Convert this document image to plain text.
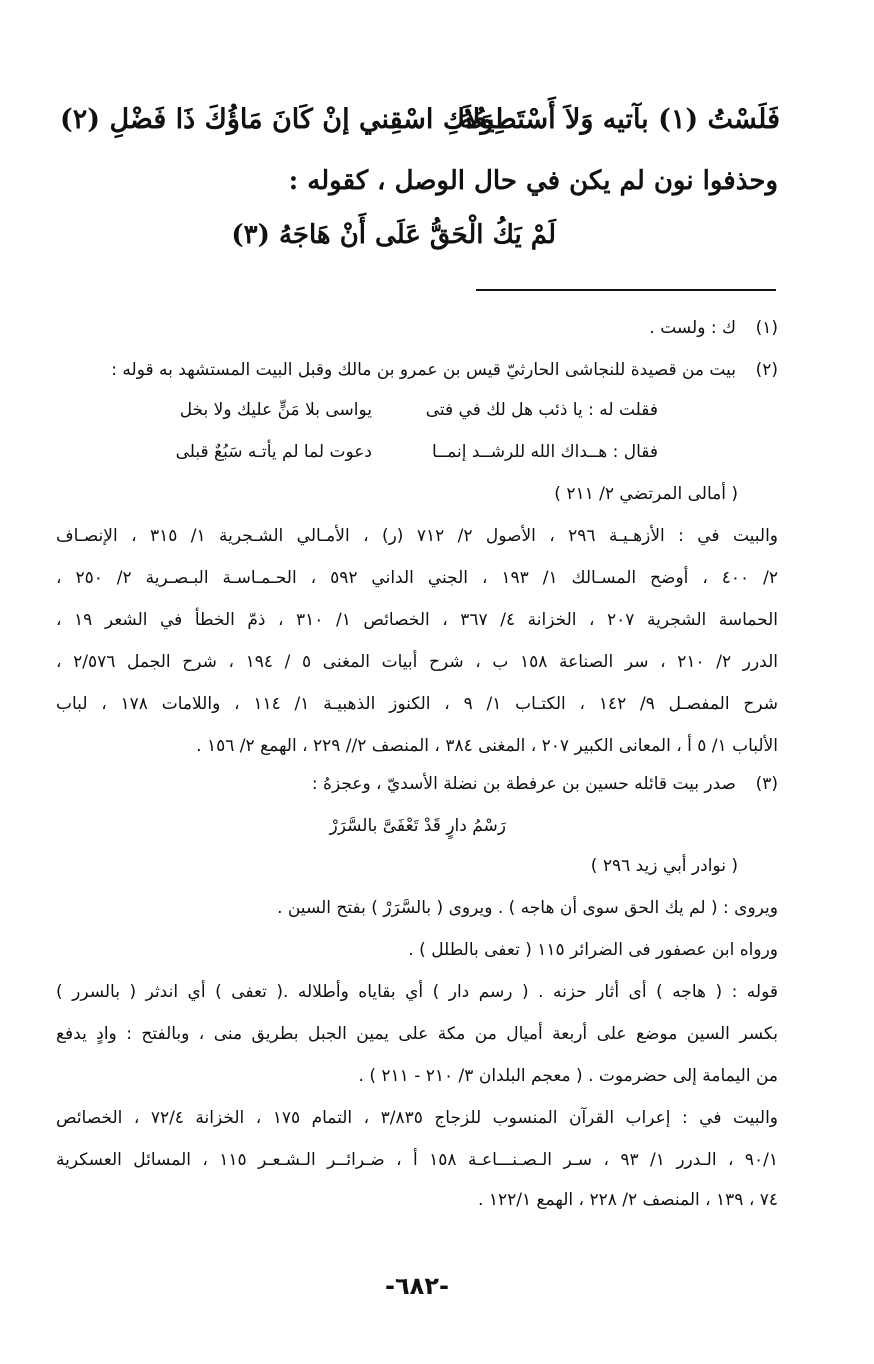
فَلَسْتُ (١) بآتيه وَلاَ أَسْتَطِيعُهُ
وَلاَكِ اسْقِني إنْ كَانَ مَاؤُكَ ذَا فَضْلِ (٢)
وحذفوا نون لم يكن في حال الوصل ، كقوله :
لَمْ يَكُ الْحَقُّ عَلَى أَنْ هَاجَهُ (٣)
(١)
ك : ولست .
(٢)
بيت من قصيدة للنجاشى الحارثيّ قيس بن عمرو بن مالك وقبل البيت المستشهد به قوله :
فقلت له : يا ذئب هل لك في فتى
يواسى بلا مَنٍّ عليك ولا بخل
فقال : هــداك الله للرشــد إنمــا
دعوت لما لم يأتـه سَبُعٌ قبلى
( أمالى المرتضي ٢/ ٢١١ )
والبيت في : الأزهـيـة ٢٩٦ ، الأصول ٢/ ٧١٢ (ر) ، الأمـالي الشـجرية ١/ ٣١٥ ، الإنصـاف
٢/ ٤٠٠ ، أوضح المسـالك ١/ ١٩٣ ، الجني الداني ٥٩٢ ، الحـمـاسـة البـصـرية ٢/ ٢٥٠ ،
الحماسة الشجرية ٢٠٧ ، الخزانة ٤/ ٣٦٧ ، الخصائص ١/ ٣١٠ ، ذمّ الخطأ في الشعر ١٩ ،
الدرر ٢/ ٢١٠ ، سر الصناعة ١٥٨ ب ، شرح أبيات المغنى ٥ / ١٩٤ ، شرح الجمل ٢/٥٧٦ ،
شرح المفصـل ٩/ ١٤٢ ، الكتـاب ١/ ٩ ، الكنوز الذهبيـة ١/ ١١٤ ، واللامات ١٧٨ ، لباب
الألباب ١/ ٥ أ ، المعانى الكبير ٢٠٧ ، المغنى ٣٨٤ ، المنصف ٢// ٢٢٩ ، الهمع ٢/ ١٥٦ .
(٣)
صدر بيت قائله حسين بن عرفطة بن نضلة الأسديّ ، وعجزهُ :
رَسْمُ دارٍ قَدْ تَعْفَىَّ بالسَّرَرْ
( نوادر أبي زيد ٢٩٦ )
ويروى : ( لم يك الحق سوى أن هاجه ) . ويروى ( بالسَّرَرْ ) بفتح السين .
ورواه ابن عصفور فى الضرائر ١١٥ ( تعفى بالطلل ) .
قوله : ( هاجه ) أى أثار حزنه . ( رسم دار ) أي بقاياه وأطلاله .( تعفى ) أي اندثر ( بالسرر )
بكسر السين موضع على أربعة أميال من مكة على يمين الجبل بطريق منى ، وبالفتح : وادٍ يدفع
من اليمامة إلى حضرموت . ( معجم البلدان ٣/ ٢١٠ - ٢١١ ) .
والبيت في : إعراب القرآن المنسوب للزجاج ٣/٨٣٥ ، التمام ١٧٥ ، الخزانة ٧٢/٤ ، الخصائص
٩٠/١ ، الـدرر ١/ ٩٣ ، سـر الـصـنـــاعـة ١٥٨ أ ، ضـرائــر الـشـعـر ١١٥ ، المسائل العسكرية
٧٤ ، ١٣٩ ، المنصف ٢/ ٢٢٨ ، الهمع ١٢٢/١ .
-٦٨٢-
